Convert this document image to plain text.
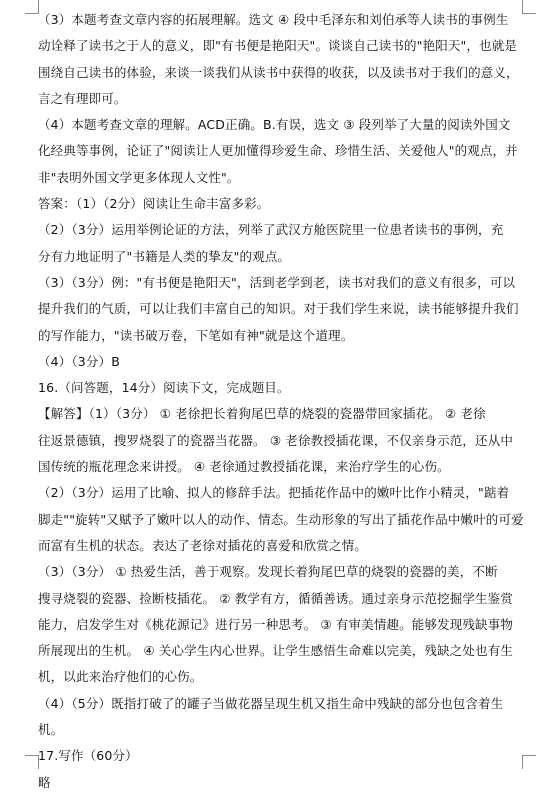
（3）本题考查文章内容的拓展理解。选文 ④ 段中毛泽东和刘伯承等人读书的事例生
动诠释了读书之于人的意义，即"有书便是艳阳天"。谈谈自己读书的"艳阳天"，也就是
围绕自己读书的体验，来谈一谈我们从读书中获得的收获，以及读书对于我们的意义，
言之有理即可。
（4）本题考查文章的理解。ACD正确。B.有误，选文 ③ 段列举了大量的阅读外国文
化经典等事例，论证了"阅读让人更加懂得珍爱生命、珍惜生活、关爱他人"的观点，并
非"表明外国文学更多体现人文性"。
答案：（1）（2分）阅读让生命丰富多彩。
（2）（3分）运用举例论证的方法，列举了武汉方舱医院里一位患者读书的事例，充
分有力地证明了"书籍是人类的挚友"的观点。
（3）（3分）例："有书便是艳阳天"，活到老学到老，读书对我们的意义有很多，可以
提升我们的气质，可以让我们丰富自己的知识。对于我们学生来说，读书能够提升我们
的写作能力，"读书破万卷，下笔如有神"就是这个道理。
（4）（3分）B
16.（问答题，14分）阅读下文，完成题目。
【解答】（1）（3分） ① 老徐把长着狗尾巴草的烧裂的瓷器带回家插花。 ② 老徐
往返景德镇，搜罗烧裂了的瓷器当花器。 ③ 老徐教授插花课，不仅亲身示范，还从中
国传统的瓶花理念来讲授。 ④ 老徐通过教授插花课，来治疗学生的心伤。
（2）（3分）运用了比喻、拟人的修辞手法。把插花作品中的嫩叶比作小精灵，"踮着
脚走""旋转"又赋予了嫩叶以人的动作、情态。生动形象的写出了插花作品中嫩叶的可爱
而富有生机的状态。表达了老徐对插花的喜爱和欣赏之情。
（3）（3分） ① 热爱生活，善于观察。发现长着狗尾巴草的烧裂的瓷器的美，不断
搜寻烧裂的瓷器、捡断枝插花。 ② 教学有方，循循善诱。通过亲身示范挖掘学生鉴赏
能力，启发学生对《桃花源记》进行另一种思考。 ③ 有审美情趣。能够发现残缺事物
所展现出的生机。 ④ 关心学生内心世界。让学生感悟生命难以完美，残缺之处也有生
机，以此来治疗他们的心伤。
（4）（5分）既指打破了的罐子当做花器呈现生机又指生命中残缺的部分也包含着生
机。
17.写作（60分）
略
